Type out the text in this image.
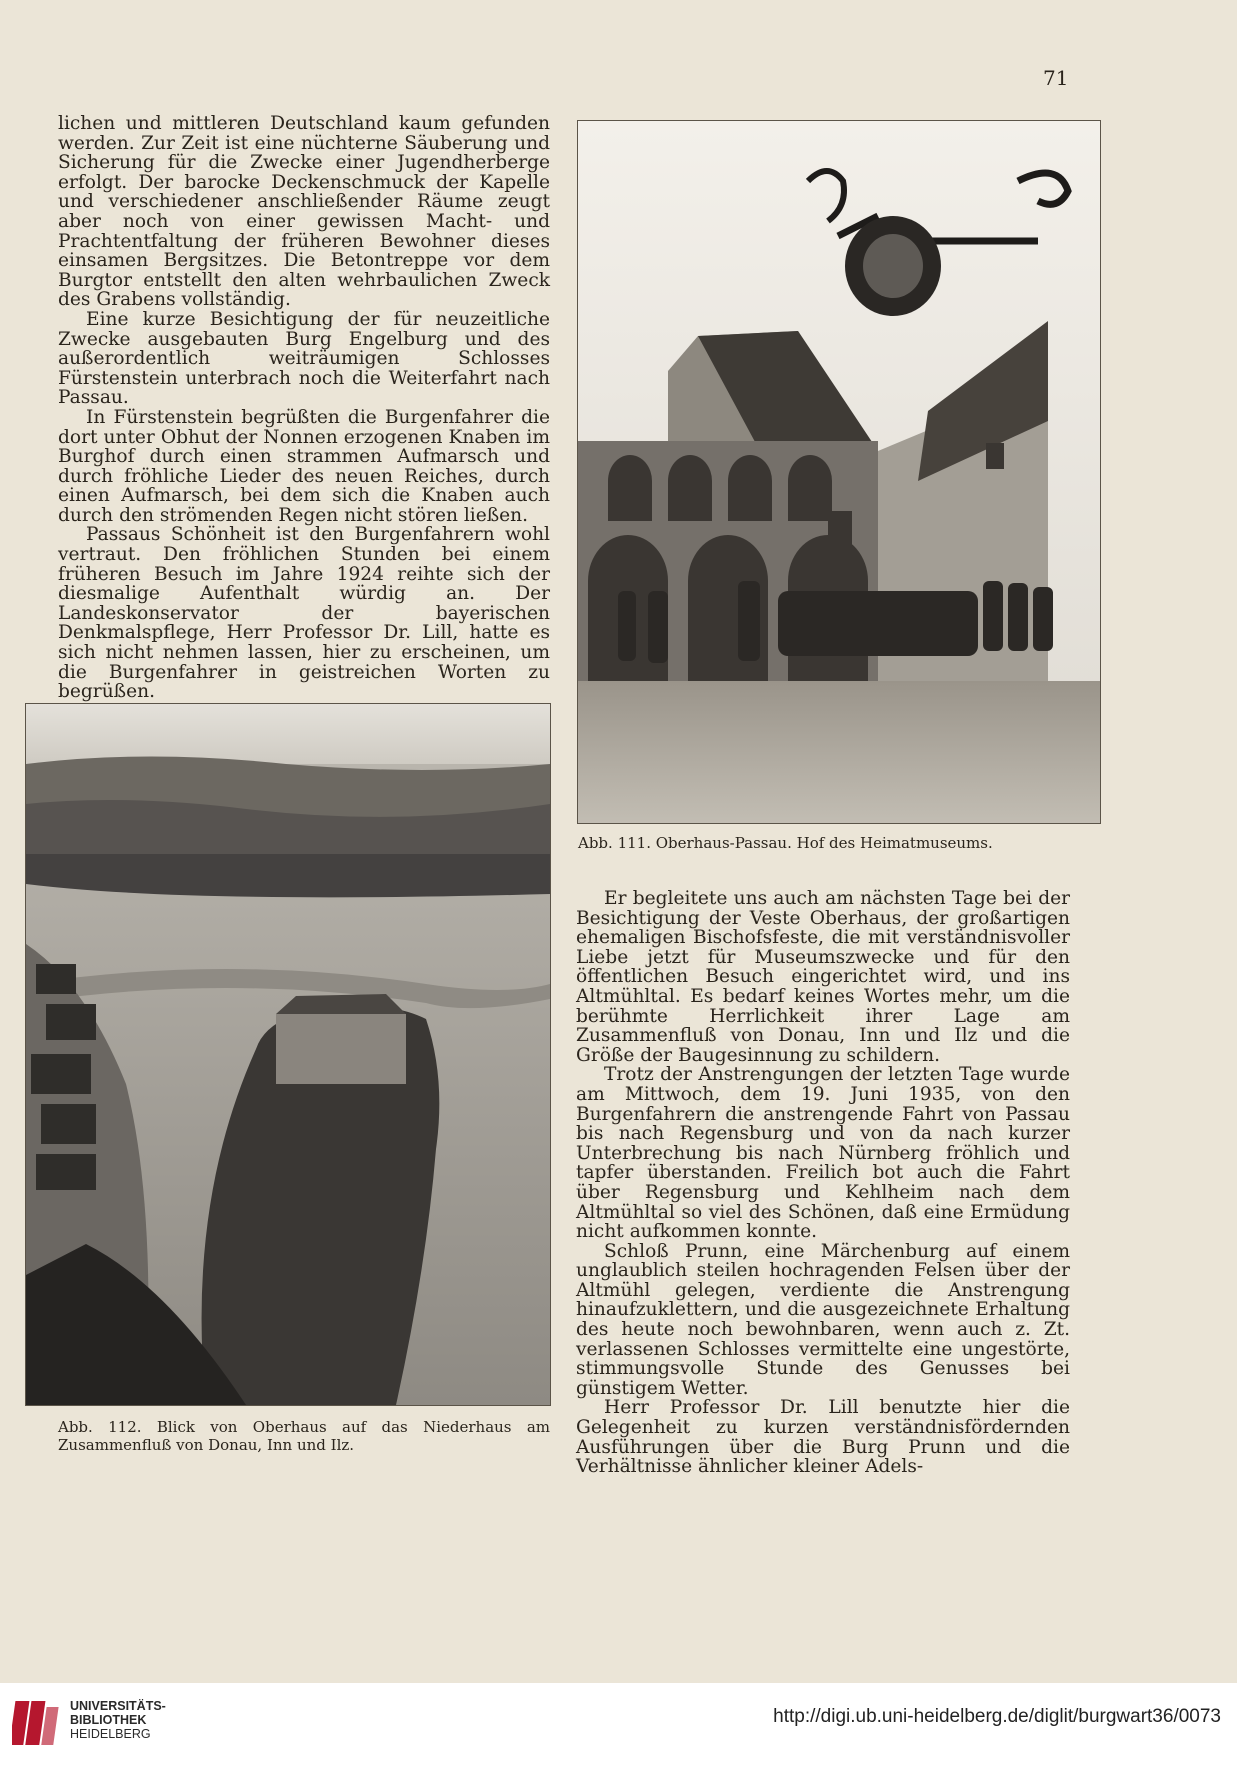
71

lichen und mittleren Deutschland kaum gefunden werden. Zur Zeit ist eine nüchterne Säuberung und Sicherung für die Zwecke einer Jugendherberge erfolgt. Der barocke Deckenschmuck der Kapelle und verschiedener anschließender Räume zeugt aber noch von einer gewissen Macht- und Prachtentfaltung der früheren Bewohner dieses einsamen Bergsitzes. Die Betontreppe vor dem Burgtor entstellt den alten wehrbaulichen Zweck des Grabens vollständig.

Eine kurze Besichtigung der für neuzeitliche Zwecke ausgebauten Burg Engelburg und des außerordentlich weiträumigen Schlosses Fürstenstein unterbrach noch die Weiterfahrt nach Passau.

In Fürstenstein begrüßten die Burgenfahrer die dort unter Obhut der Nonnen erzogenen Knaben im Burghof durch einen strammen Aufmarsch und durch fröhliche Lieder des neuen Reiches, durch einen Aufmarsch, bei dem sich die Knaben auch durch den strömenden Regen nicht stören ließen.

Passaus Schönheit ist den Burgenfahrern wohl vertraut. Den fröhlichen Stunden bei einem früheren Besuch im Jahre 1924 reihte sich der diesmalige Aufenthalt würdig an. Der Landeskonservator der bayerischen Denkmalspflege, Herr Professor Dr. Lill, hatte es sich nicht nehmen lassen, hier zu erscheinen, um die Burgenfahrer in geistreichen Worten zu begrüßen.

Abb. 111. Oberhaus-Passau. Hof des Heimatmuseums.
Abb. 112. Blick von Oberhaus auf das Niederhaus am Zusammenfluß von Donau, Inn und Ilz.

Er begleitete uns auch am nächsten Tage bei der Besichtigung der Veste Oberhaus, der großartigen ehemaligen Bischofsfeste, die mit verständnisvoller Liebe jetzt für Museumszwecke und für den öffentlichen Besuch eingerichtet wird, und ins Altmühltal. Es bedarf keines Wortes mehr, um die berühmte Herrlichkeit ihrer Lage am Zusammenfluß von Donau, Inn und Ilz und die Größe der Baugesinnung zu schildern.

Trotz der Anstrengungen der letzten Tage wurde am Mittwoch, dem 19. Juni 1935, von den Burgenfahrern die anstrengende Fahrt von Passau bis nach Regensburg und von da nach kurzer Unterbrechung bis nach Nürnberg fröhlich und tapfer überstanden. Freilich bot auch die Fahrt über Regensburg und Kehlheim nach dem Altmühltal so viel des Schönen, daß eine Ermüdung nicht aufkommen konnte.

Schloß Prunn, eine Märchenburg auf einem unglaublich steilen hochragenden Felsen über der Altmühl gelegen, verdiente die Anstrengung hinaufzuklettern, und die ausgezeichnete Erhaltung des heute noch bewohnbaren, wenn auch z. Zt. verlassenen Schlosses vermittelte eine ungestörte, stimmungsvolle Stunde des Genusses bei günstigem Wetter.

Herr Professor Dr. Lill benutzte hier die Gelegenheit zu kurzen verständnisfördernden Ausführungen über die Burg Prunn und die Verhältnisse ähnlicher kleiner Adels-

UNIVERSITÄTS-
BIBLIOTHEK
HEIDELBERG
http://digi.ub.uni-heidelberg.de/diglit/burgwart36/0073
